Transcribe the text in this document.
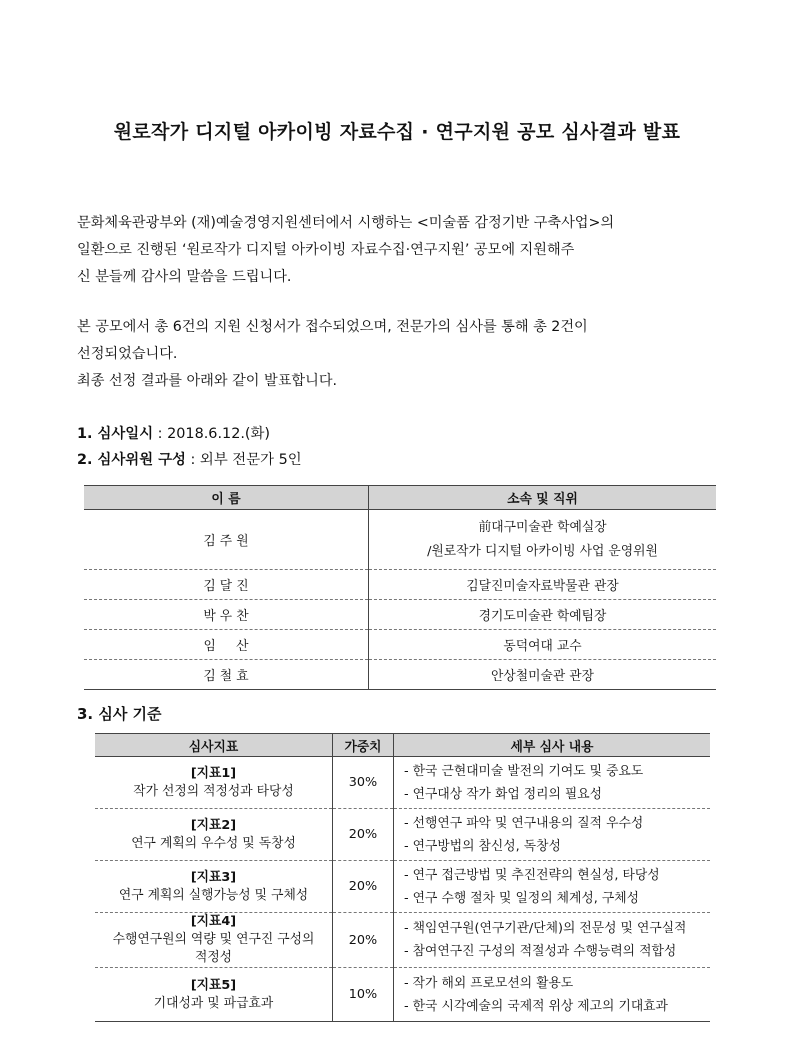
원로작가 디지털 아카이빙 자료수집 · 연구지원 공모 심사결과 발표
문화체육관광부와 (재)예술경영지원센터에서 시행하는 <미술품 감정기반 구축사업>의
일환으로 진행된 ‘원로작가 디지털 아카이빙 자료수집·연구지원’ 공모에 지원해주
신 분들께 감사의 말씀을 드립니다.
본 공모에서 총 6건의 지원 신청서가 접수되었으며, 전문가의 심사를 통해 총 2건이
선정되었습니다.
최종 선정 결과를 아래와 같이 발표합니다.
1. 심사일시 : 2018.6.12.(화)
2. 심사위원 구성 : 외부 전문가 5인
이 름	소속 및 직위
김 주 원	前대구미술관 학예실장
/원로작가 디지털 아카이빙 사업 운영위원

김 달 진	김달진미술자료박물관 관장
박 우 찬	경기도미술관 학예팀장
임     산	동덕여대 교수
김 철 효	안상철미술관 관장
3. 심사 기준
심사지표	가중치	세부 심사 내용

[지표1]
작가 선정의 적정성과 타당성	30%	- 한국 근현대미술 발전의 기여도 및 중요도
- 연구대상 작가 화업 정리의 필요성

[지표2]
연구 계획의 우수성 및 독창성	20%	- 선행연구 파악 및 연구내용의 질적 우수성
- 연구방법의 참신성, 독창성

[지표3]
연구 계획의 실행가능성 및 구체성	20%	- 연구 접근방법 및 추진전략의 현실성, 타당성
- 연구 수행 절차 및 일정의 체계성, 구체성

[지표4]
수행연구원의 역량 및 연구진 구성의
적정성	20%	- 책임연구원(연구기관/단체)의 전문성 및 연구실적
- 참여연구진 구성의 적절성과 수행능력의 적합성

[지표5]
기대성과 및 파급효과	10%	- 작가 해외 프로모션의 활용도
- 한국 시각예술의 국제적 위상 제고의 기대효과
